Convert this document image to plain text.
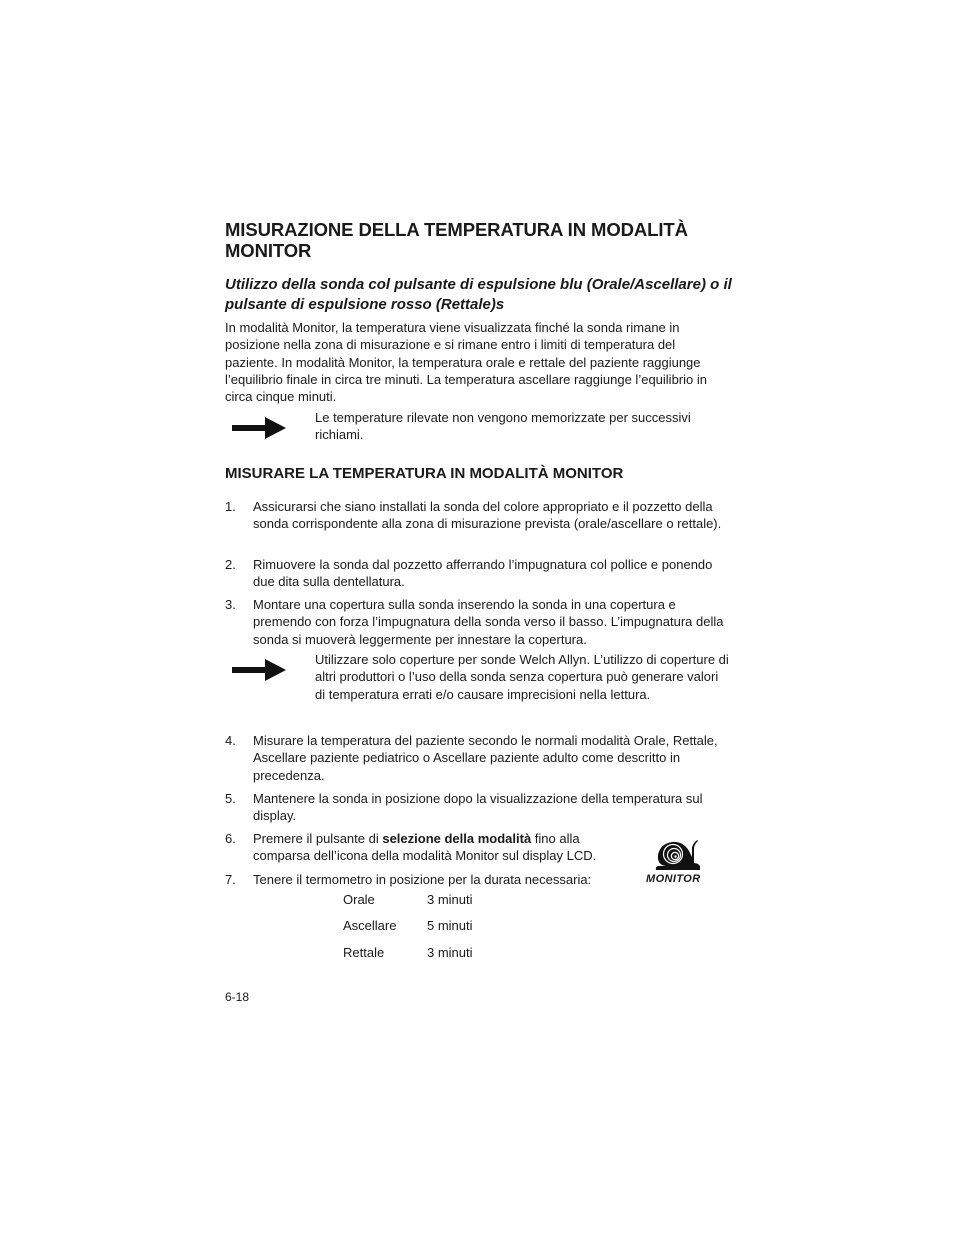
MISURAZIONE DELLA TEMPERATURA IN MODALITÀ MONITOR
Utilizzo della sonda col pulsante di espulsione blu (Orale/Ascellare) o il pulsante di espulsione rosso (Rettale)s
In modalità Monitor, la temperatura viene visualizzata finché la sonda rimane in posizione nella zona di misurazione e si rimane entro i limiti di temperatura del paziente. In modalità Monitor, la temperatura orale e rettale del paziente raggiunge l’equilibrio finale in circa tre minuti. La temperatura ascellare raggiunge l’equilibrio in circa cinque minuti.
Le temperature rilevate non vengono memorizzate per successivi richiami.
MISURARE LA TEMPERATURA IN MODALITÀ MONITOR
1.	Assicurarsi che siano installati la sonda del colore appropriato e il pozzetto della sonda corrispondente alla zona di misurazione prevista (orale/ascellare o rettale).
2.	Rimuovere la sonda dal pozzetto afferrando l’impugnatura col pollice e ponendo due dita sulla dentellatura.
3.	Montare una copertura sulla sonda inserendo la sonda in una copertura e premendo con forza l’impugnatura della sonda verso il basso. L’impugnatura della sonda si muoverà leggermente per innestare la copertura.
Utilizzare solo coperture per sonde Welch Allyn. L’utilizzo di coperture di altri produttori o l’uso della sonda senza copertura può generare valori di temperatura errati e/o causare imprecisioni nella lettura.
4.	Misurare la temperatura del paziente secondo le normali modalità Orale, Rettale, Ascellare paziente pediatrico o Ascellare paziente adulto come descritto in precedenza.
5.	Mantenere la sonda in posizione dopo la visualizzazione della temperatura sul display.
6.	Premere il pulsante di selezione della modalità fino alla comparsa dell’icona della modalità Monitor sul display LCD.
7.	Tenere il termometro in posizione per la durata necessaria:	MONITOR
Orale	3 minuti
Ascellare 5 minuti
Rettale	3 minuti
6-18
